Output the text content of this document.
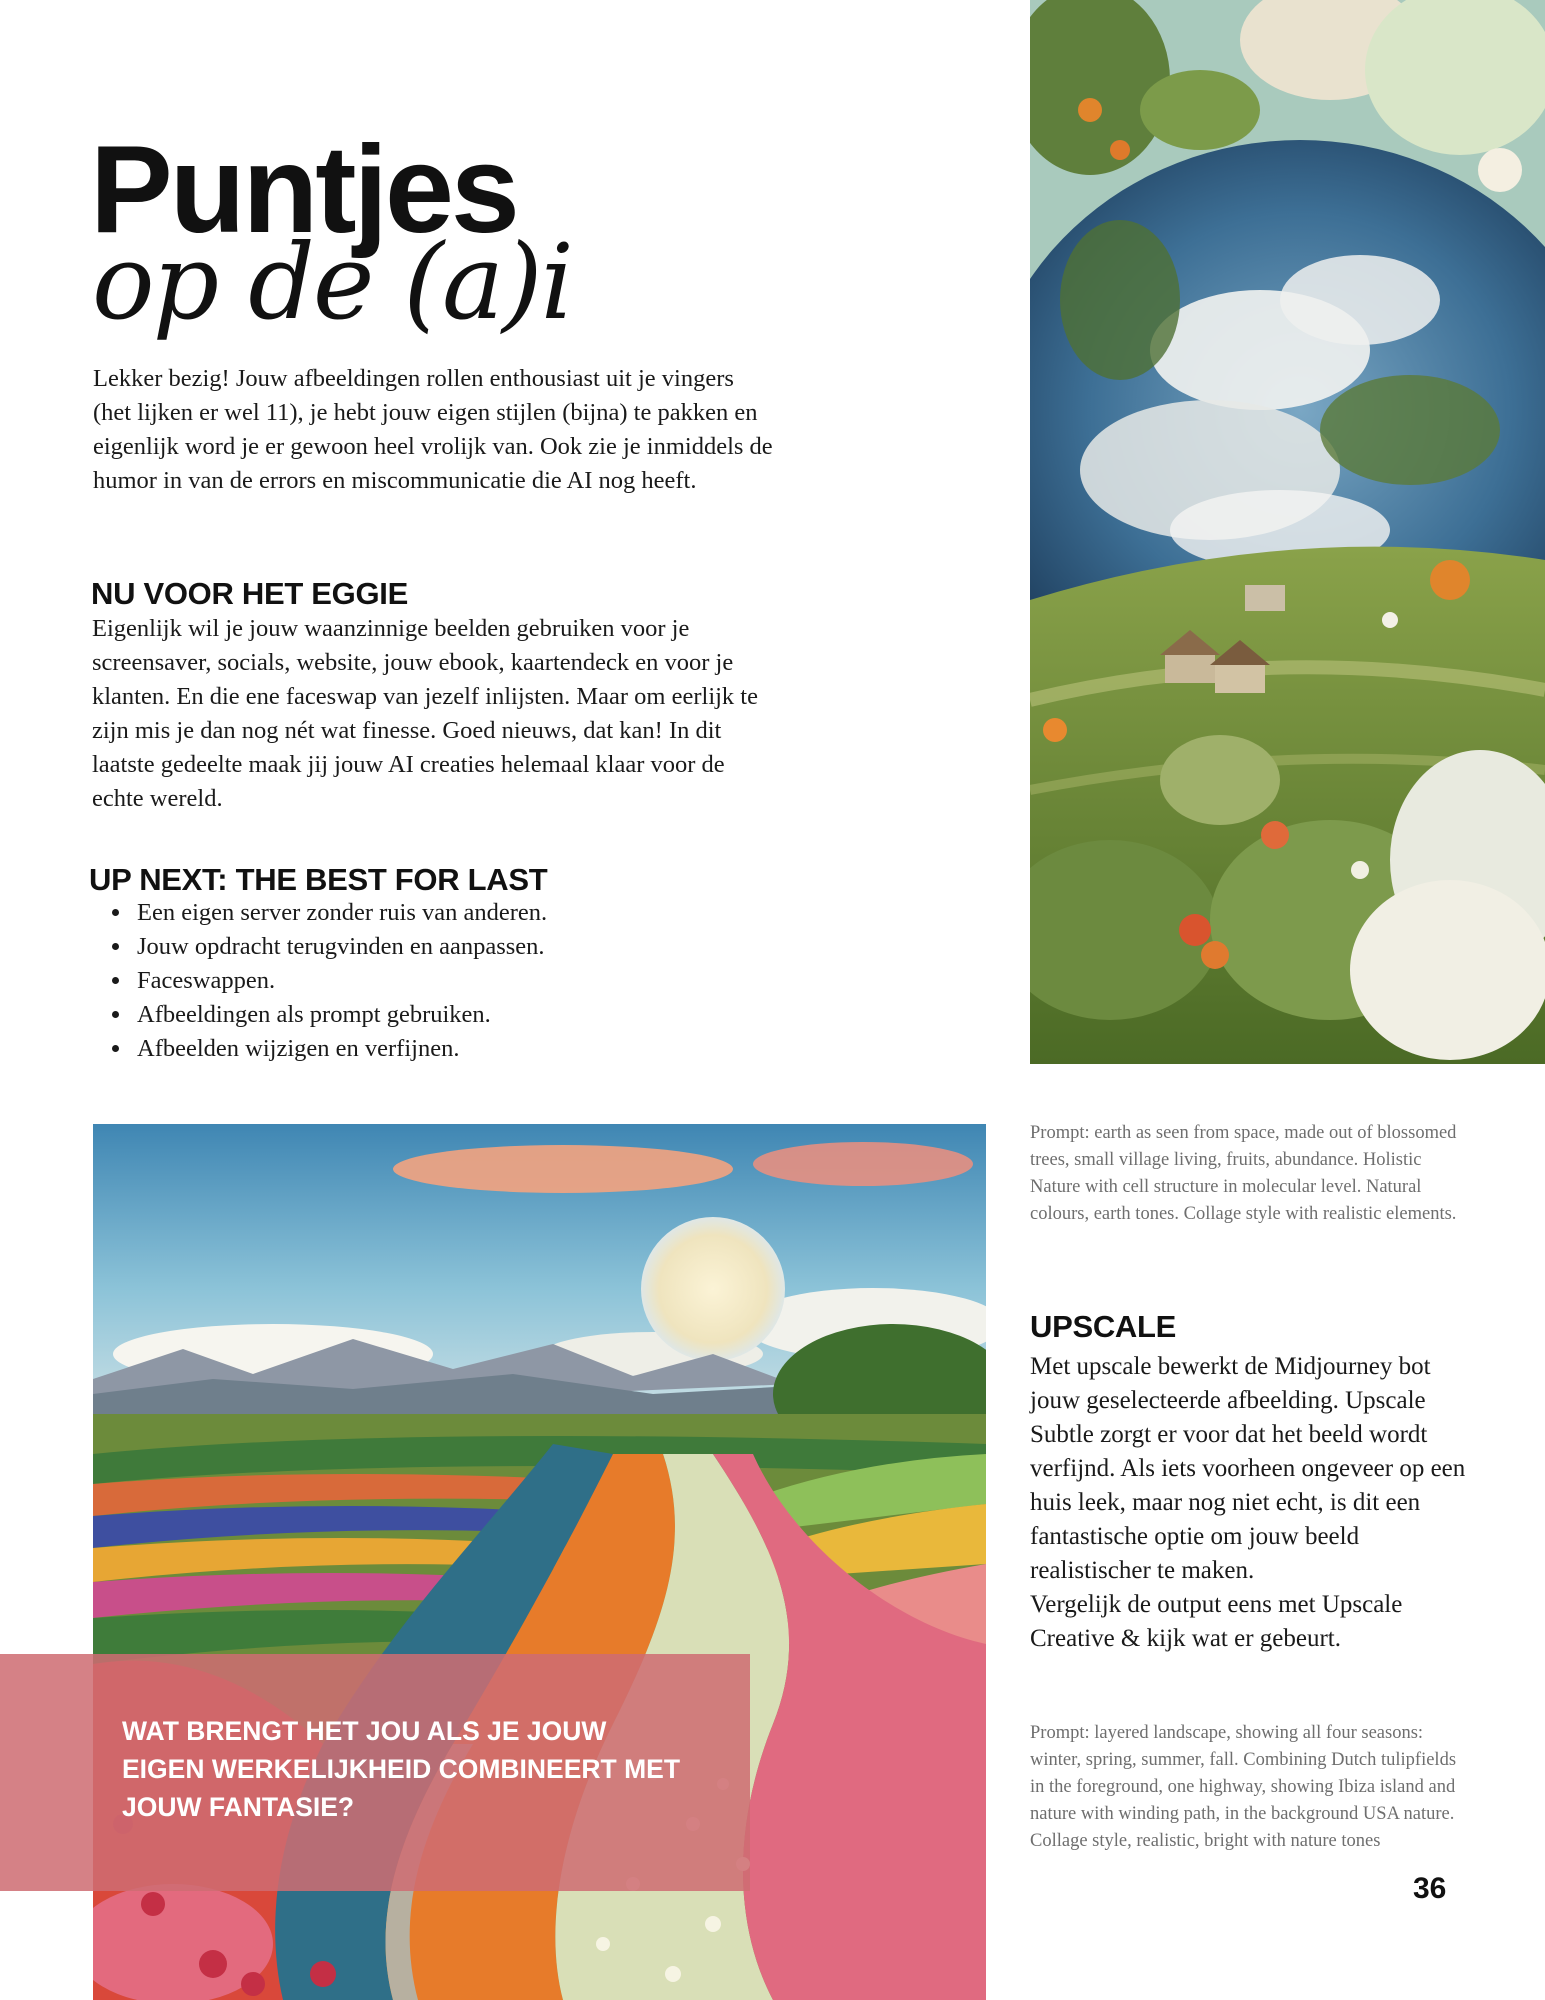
Puntjes
op de (a)i

Lekker bezig! Jouw afbeeldingen rollen enthousiast uit je vingers (het lijken er wel 11), je hebt jouw eigen stijlen (bijna) te pakken en eigenlijk word je er gewoon heel vrolijk van. Ook zie je inmiddels de humor in van de errors en miscommunicatie die AI nog heeft.

NU VOOR HET EGGIE

Eigenlijk wil je jouw waanzinnige beelden gebruiken voor je screensaver, socials, website, jouw ebook, kaartendeck en voor je klanten. En die ene faceswap van jezelf inlijsten. Maar om eerlijk te zijn mis je dan nog nét wat finesse. Goed nieuws, dat kan! In dit laatste gedeelte maak jij jouw AI creaties helemaal klaar voor de echte wereld.

UP NEXT: THE BEST FOR LAST
• Een eigen server zonder ruis van anderen.
• Jouw opdracht terugvinden en aanpassen.
• Faceswappen.
• Afbeeldingen als prompt gebruiken.
• Afbeelden wijzigen en verfijnen.

Prompt: earth as seen from space, made out of blossomed trees, small village living, fruits, abundance. Holistic Nature with cell structure in molecular level. Natural colours, earth tones. Collage style with realistic elements.

UPSCALE
Met upscale bewerkt de Midjourney bot jouw geselecteerde afbeelding. Upscale Subtle zorgt er voor dat het beeld wordt verfijnd. Als iets voorheen ongeveer op een huis leek, maar nog niet echt, is dit een fantastische optie om jouw beeld realistischer te maken.
Vergelijk de output eens met Upscale Creative & kijk wat er gebeurt.

Prompt: layered landscape, showing all four seasons: winter, spring, summer, fall. Combining Dutch tulipfields in the foreground, one highway, showing Ibiza island and nature with winding path, in the background USA nature. Collage style, realistic, bright with nature tones

WAT BRENGT HET JOU ALS JE JOUW EIGEN WERKELIJKHEID COMBINEERT MET JOUW FANTASIE?
36
